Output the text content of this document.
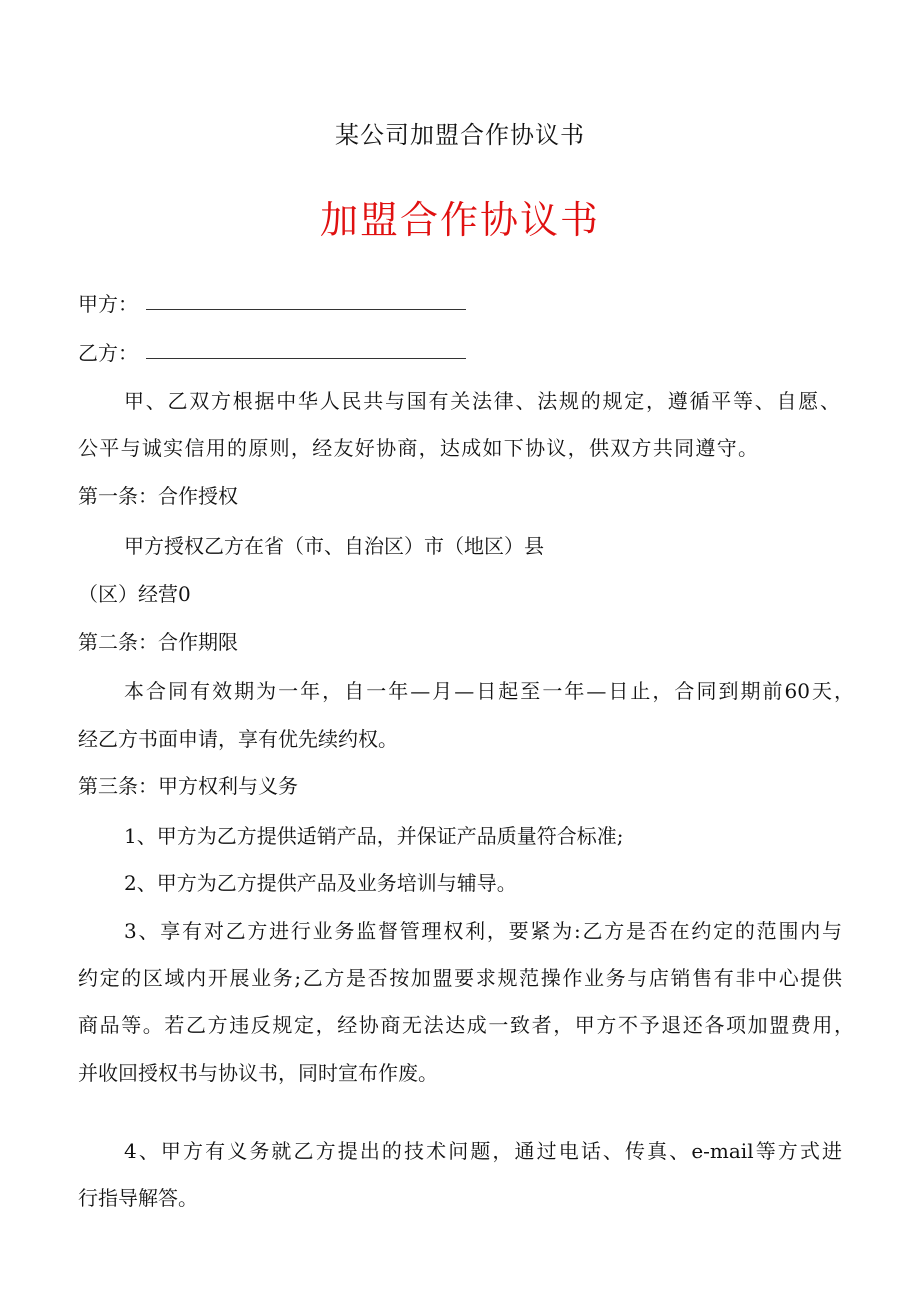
某公司加盟合作协议书
加盟合作协议书
甲方：
乙方：
甲、乙双方根据中华人民共与国有关法律、法规的规定，遵循平等、自愿、
公平与诚实信用的原则，经友好协商，达成如下协议，供双方共同遵守。
第一条：合作授权
甲方授权乙方在省（市、自治区）市（地区）县
（区）经营0
第二条：合作期限
本合同有效期为一年，自一年—月—日起至一年—日止，合同到期前60天，
经乙方书面申请，享有优先续约权。
第三条：甲方权利与义务
1、甲方为乙方提供适销产品，并保证产品质量符合标准;
2、甲方为乙方提供产品及业务培训与辅导。
3、享有对乙方进行业务监督管理权利，要紧为:乙方是否在约定的范围内与
约定的区域内开展业务;乙方是否按加盟要求规范操作业务与店销售有非中心提供
商品等。若乙方违反规定，经协商无法达成一致者，甲方不予退还各项加盟费用，
并收回授权书与协议书，同时宣布作废。
4、甲方有义务就乙方提出的技术问题，通过电话、传真、e-mail等方式进
行指导解答。
